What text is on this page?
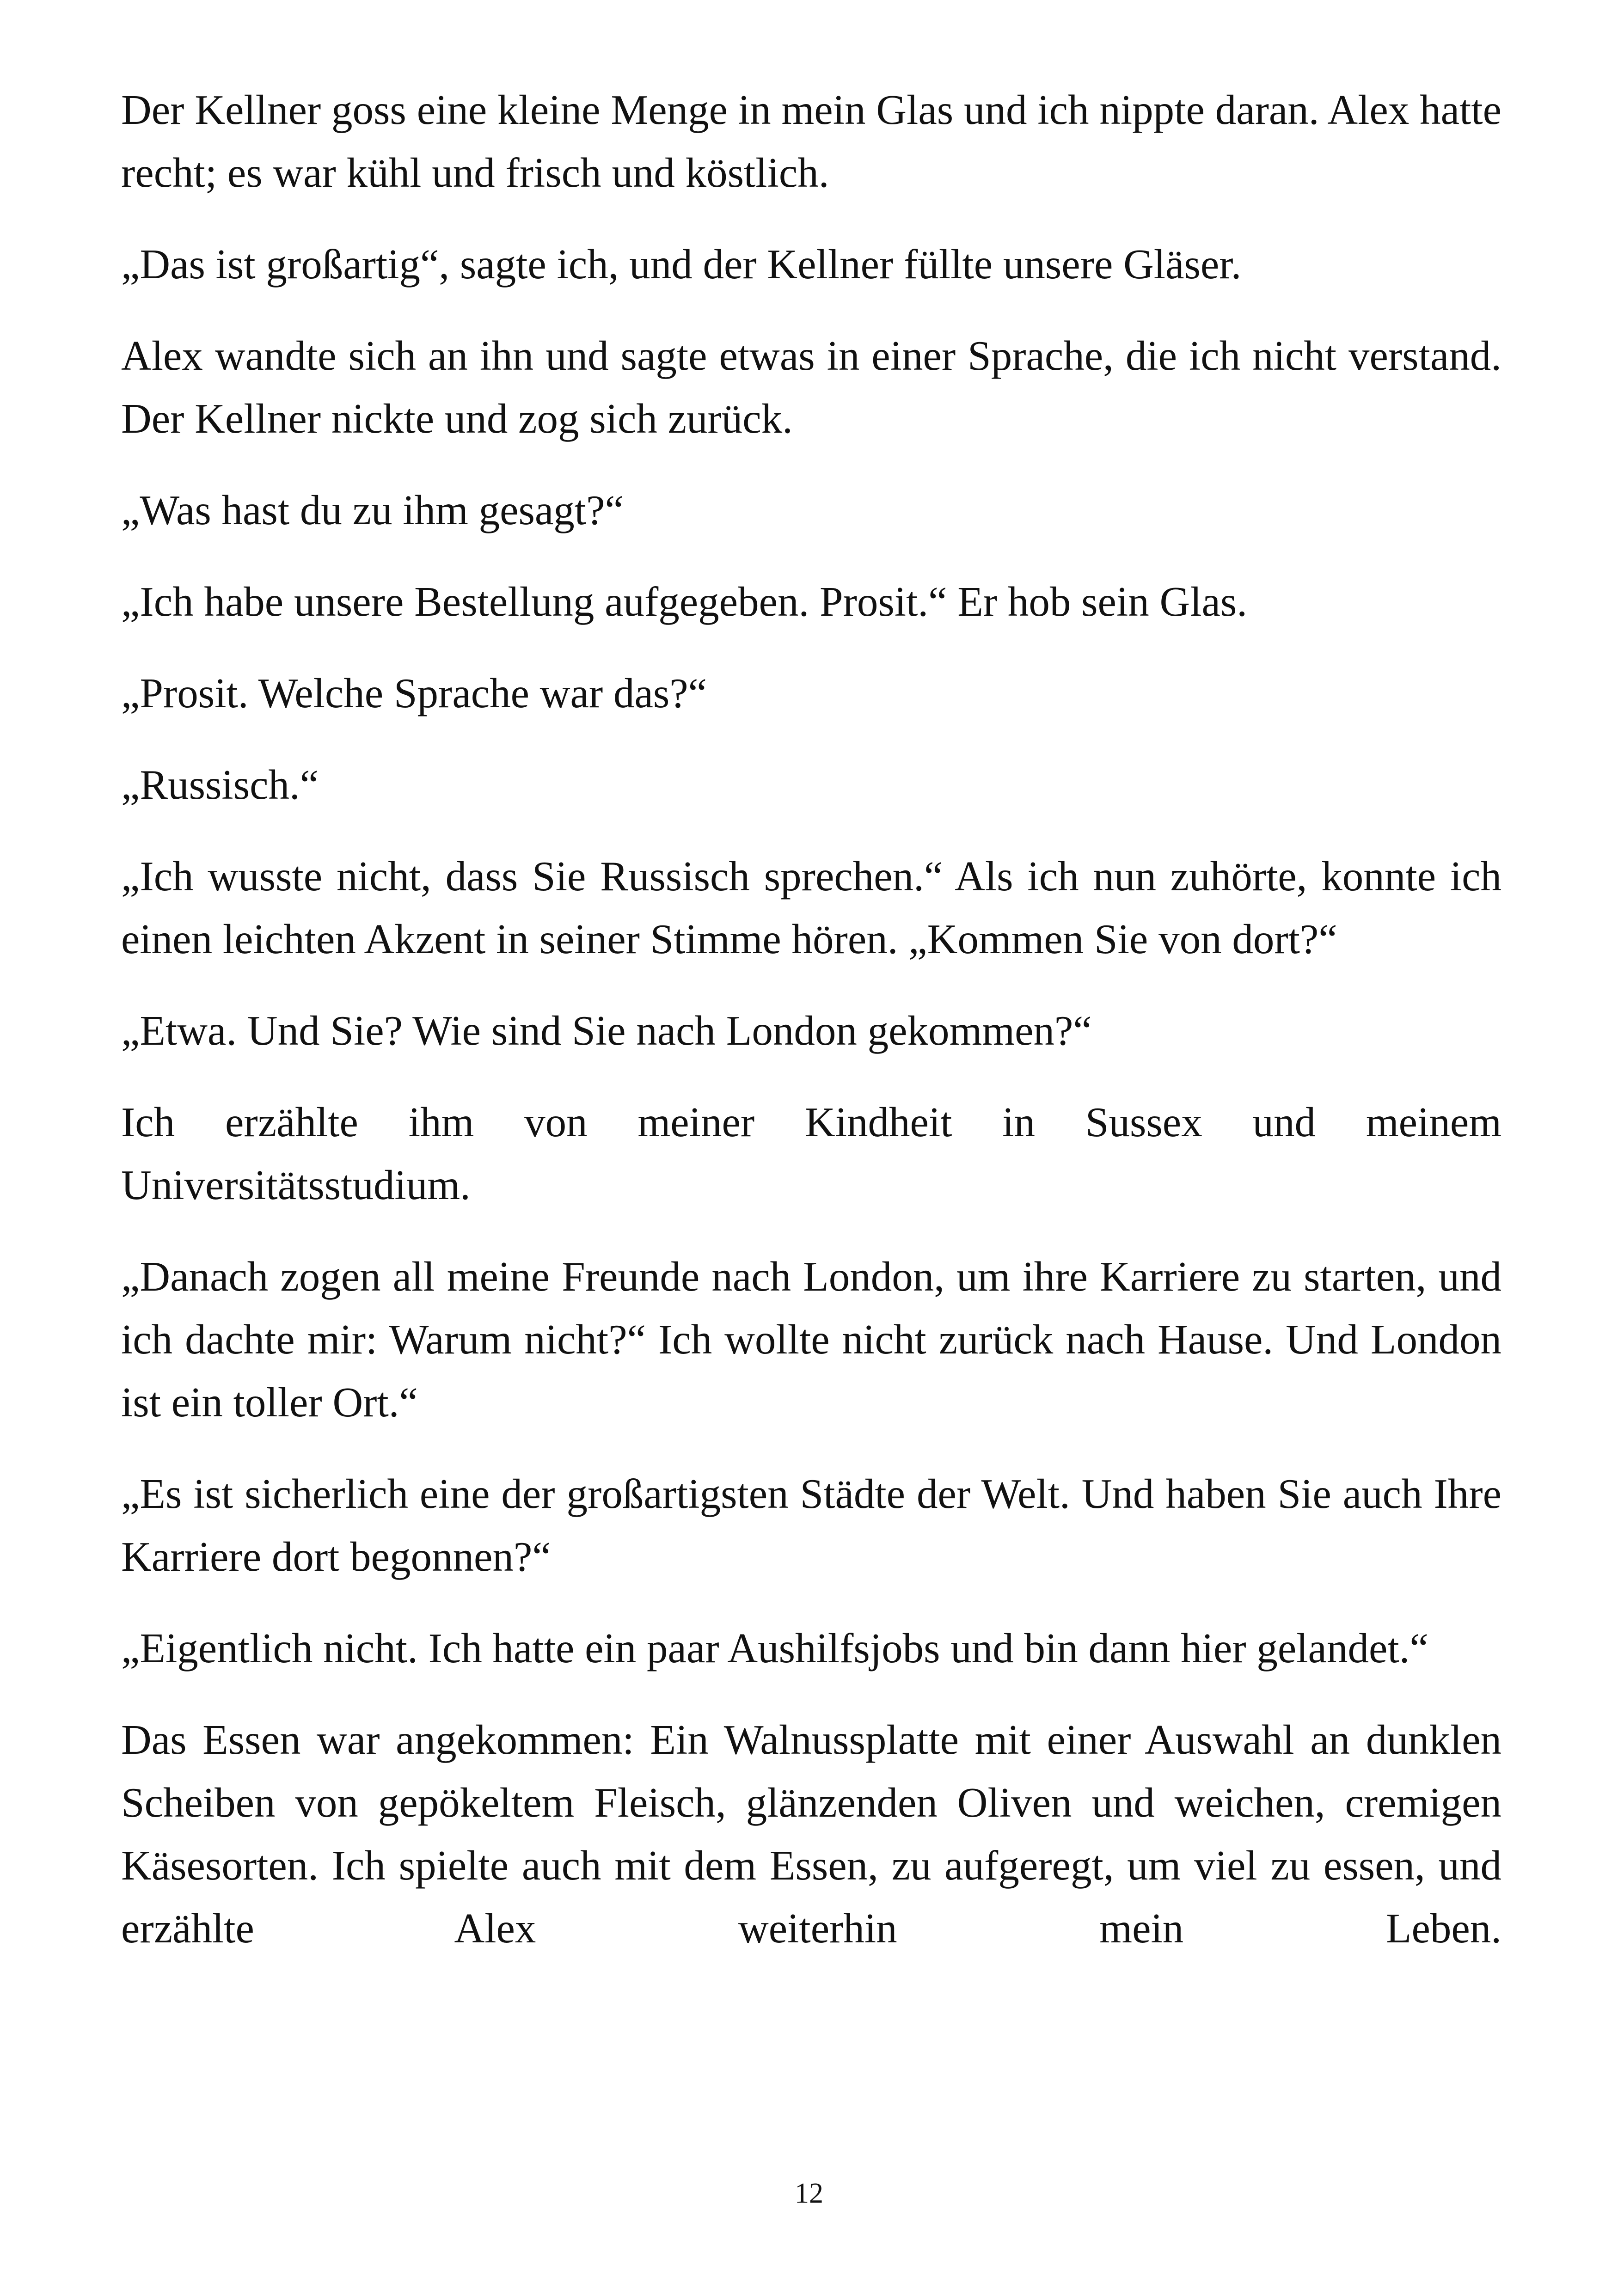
Der Kellner goss eine kleine Menge in mein Glas und ich nippte daran. Alex hatte recht; es war kühl und frisch und köstlich.

„Das ist großartig“, sagte ich, und der Kellner füllte unsere Gläser.

Alex wandte sich an ihn und sagte etwas in einer Sprache, die ich nicht verstand. Der Kellner nickte und zog sich zurück.

„Was hast du zu ihm gesagt?“

„Ich habe unsere Bestellung aufgegeben. Prosit.“ Er hob sein Glas.

„Prosit. Welche Sprache war das?“

„Russisch.“

„Ich wusste nicht, dass Sie Russisch sprechen.“ Als ich nun zuhörte, konnte ich einen leichten Akzent in seiner Stimme hören. „Kommen Sie von dort?“

„Etwa. Und Sie? Wie sind Sie nach London gekommen?“

Ich erzählte ihm von meiner Kindheit in Sussex und meinem Universitätsstudium.

„Danach zogen all meine Freunde nach London, um ihre Karriere zu starten, und ich dachte mir: Warum nicht?“ Ich wollte nicht zurück nach Hause. Und London ist ein toller Ort.“

„Es ist sicherlich eine der großartigsten Städte der Welt. Und haben Sie auch Ihre Karriere dort begonnen?“

„Eigentlich nicht. Ich hatte ein paar Aushilfsjobs und bin dann hier gelandet.“

Das Essen war angekommen: Ein Walnussplatte mit einer Auswahl an dunklen Scheiben von gepökeltem Fleisch, glänzenden Oliven und weichen, cremigen Käsesorten. Ich spielte auch mit dem Essen, zu aufgeregt, um viel zu essen, und erzählte Alex weiterhin mein Leben.

12
